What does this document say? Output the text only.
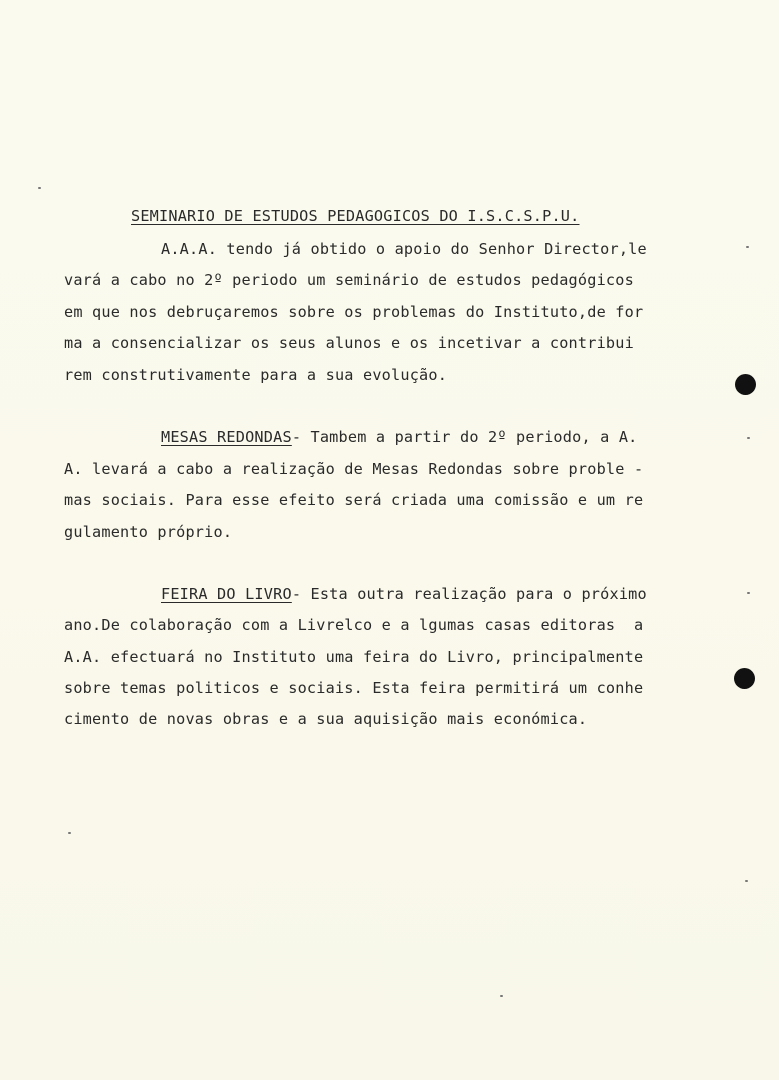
SEMINARIO DE ESTUDOS PEDAGOGICOS DO I.S.C.S.P.U.
A.A.A. tendo já obtido o apoio do Senhor Director,le
vará a cabo no 2º periodo um seminário de estudos pedagógicos
em que nos debruçaremos sobre os problemas do Instituto,de for
ma a consencializar os seus alunos e os incetivar a contribui
rem construtivamente para a sua evolução.
MESAS REDONDAS- Tambem a partir do 2º periodo, a A.
A. levará a cabo a realização de Mesas Redondas sobre proble -
mas sociais. Para esse efeito será criada uma comissão e um re
gulamento próprio.
FEIRA DO LIVRO- Esta outra realização para o próximo
ano.De colaboração com a Livrelco e a lgumas casas editoras  a
A.A. efectuará no Instituto uma feira do Livro, principalmente
sobre temas politicos e sociais. Esta feira permitirá um conhe
cimento de novas obras e a sua aquisição mais económica.
